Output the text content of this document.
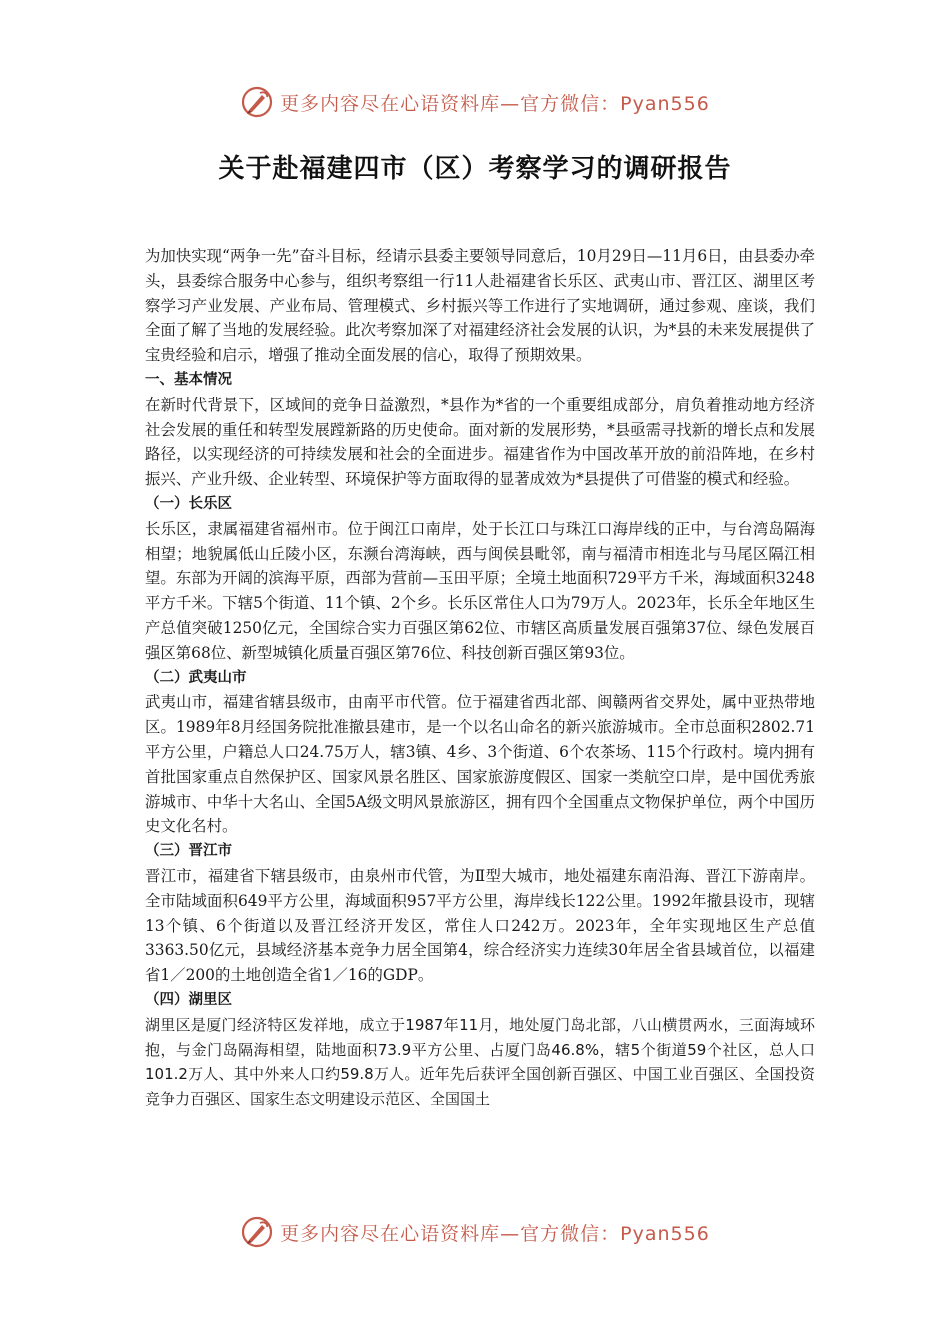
更多内容尽在心语资料库—官方微信：Pyan556
关于赴福建四市（区）考察学习的调研报告

为加快实现“两争一先”奋斗目标，经请示县委主要领导同意后，10月29日—11月6日，由县委办牵头，县委综合服务中心参与，组织考察组一行11人赴福建省长乐区、武夷山市、晋江区、湖里区考察学习产业发展、产业布局、管理模式、乡村振兴等工作进行了实地调研，通过参观、座谈，我们全面了解了当地的发展经验。此次考察加深了对福建经济社会发展的认识，为*县的未来发展提供了宝贵经验和启示，增强了推动全面发展的信心，取得了预期效果。

一、基本情况

在新时代背景下，区域间的竞争日益激烈，*县作为*省的一个重要组成部分，肩负着推动地方经济社会发展的重任和转型发展蹚新路的历史使命。面对新的发展形势，*县亟需寻找新的增长点和发展路径，以实现经济的可持续发展和社会的全面进步。福建省作为中国改革开放的前沿阵地，在乡村振兴、产业升级、企业转型、环境保护等方面取得的显著成效为*县提供了可借鉴的模式和经验。

（一）长乐区

长乐区，隶属福建省福州市。位于闽江口南岸，处于长江口与珠江口海岸线的正中，与台湾岛隔海相望；地貌属低山丘陵小区，东濒台湾海峡，西与闽侯县毗邻，南与福清市相连北与马尾区隔江相望。东部为开阔的滨海平原，西部为营前—玉田平原；全境土地面积729平方千米，海域面积3248平方千米。下辖5个街道、11个镇、2个乡。长乐区常住人口为79万人。2023年，长乐全年地区生产总值突破1250亿元，全国综合实力百强区第62位、市辖区高质量发展百强第37位、绿色发展百强区第68位、新型城镇化质量百强区第76位、科技创新百强区第93位。

（二）武夷山市

武夷山市，福建省辖县级市，由南平市代管。位于福建省西北部、闽赣两省交界处，属中亚热带地区。1989年8月经国务院批准撤县建市，是一个以名山命名的新兴旅游城市。全市总面积2802.71平方公里，户籍总人口24.75万人，辖3镇、4乡、3个街道、6个农茶场、115个行政村。境内拥有首批国家重点自然保护区、国家风景名胜区、国家旅游度假区、国家一类航空口岸，是中国优秀旅游城市、中华十大名山、全国5A级文明风景旅游区，拥有四个全国重点文物保护单位，两个中国历史文化名村。

（三）晋江市

晋江市，福建省下辖县级市，由泉州市代管，为Ⅱ型大城市，地处福建东南沿海、晋江下游南岸。全市陆域面积649平方公里，海域面积957平方公里，海岸线长122公里。1992年撤县设市，现辖13个镇、6个街道以及晋江经济开发区，常住人口242万。2023年，全年实现地区生产总值3363.50亿元，县域经济基本竞争力居全国第4，综合经济实力连续30年居全省县域首位，以福建省1／200的土地创造全省1／16的GDP。

（四）湖里区

湖里区是厦门经济特区发祥地，成立于1987年11月，地处厦门岛北部，八山横贯两水，三面海域环抱，与金门岛隔海相望，陆地面积73.9平方公里、占厦门岛46.8%，辖5个街道59个社区，总人口101.2万人、其中外来人口约59.8万人。近年先后获评全国创新百强区、中国工业百强区、全国投资竞争力百强区、国家生态文明建设示范区、全国国土

更多内容尽在心语资料库—官方微信：Pyan556
